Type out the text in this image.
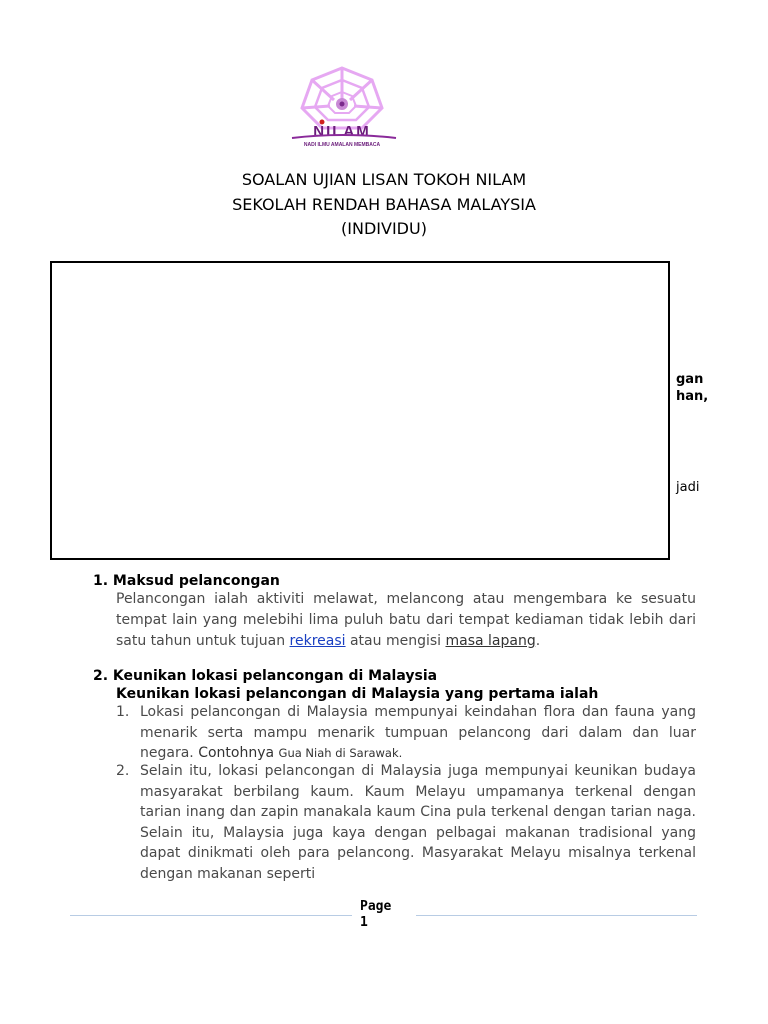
NILAM
NADI ILMU AMALAN MEMBACA
SOALAN UJIAN LISAN TOKOH NILAM
SEKOLAH RENDAH BAHASA MALAYSIA
(INDIVIDU)
gan
han,
jadi
1. Maksud pelancongan
Pelancongan ialah aktiviti melawat, melancong atau mengembara ke sesuatu tempat lain yang melebihi lima puluh batu dari tempat kediaman tidak lebih dari satu tahun untuk tujuan rekreasi atau mengisi masa lapang.
2. Keunikan lokasi pelancongan di Malaysia
Keunikan lokasi pelancongan di Malaysia yang pertama ialah
1. Lokasi pelancongan di Malaysia mempunyai keindahan flora dan fauna yang menarik serta mampu menarik tumpuan pelancong dari dalam dan luar negara. Contohnya Gua Niah di Sarawak.
2. Selain itu, lokasi pelancongan di Malaysia juga mempunyai keunikan budaya masyarakat berbilang kaum. Kaum Melayu umpamanya terkenal dengan tarian inang dan zapin manakala kaum Cina pula terkenal dengan tarian naga. Selain itu, Malaysia juga kaya dengan pelbagai makanan tradisional yang dapat dinikmati oleh para pelancong. Masyarakat Melayu misalnya terkenal dengan makanan seperti
Page
1
